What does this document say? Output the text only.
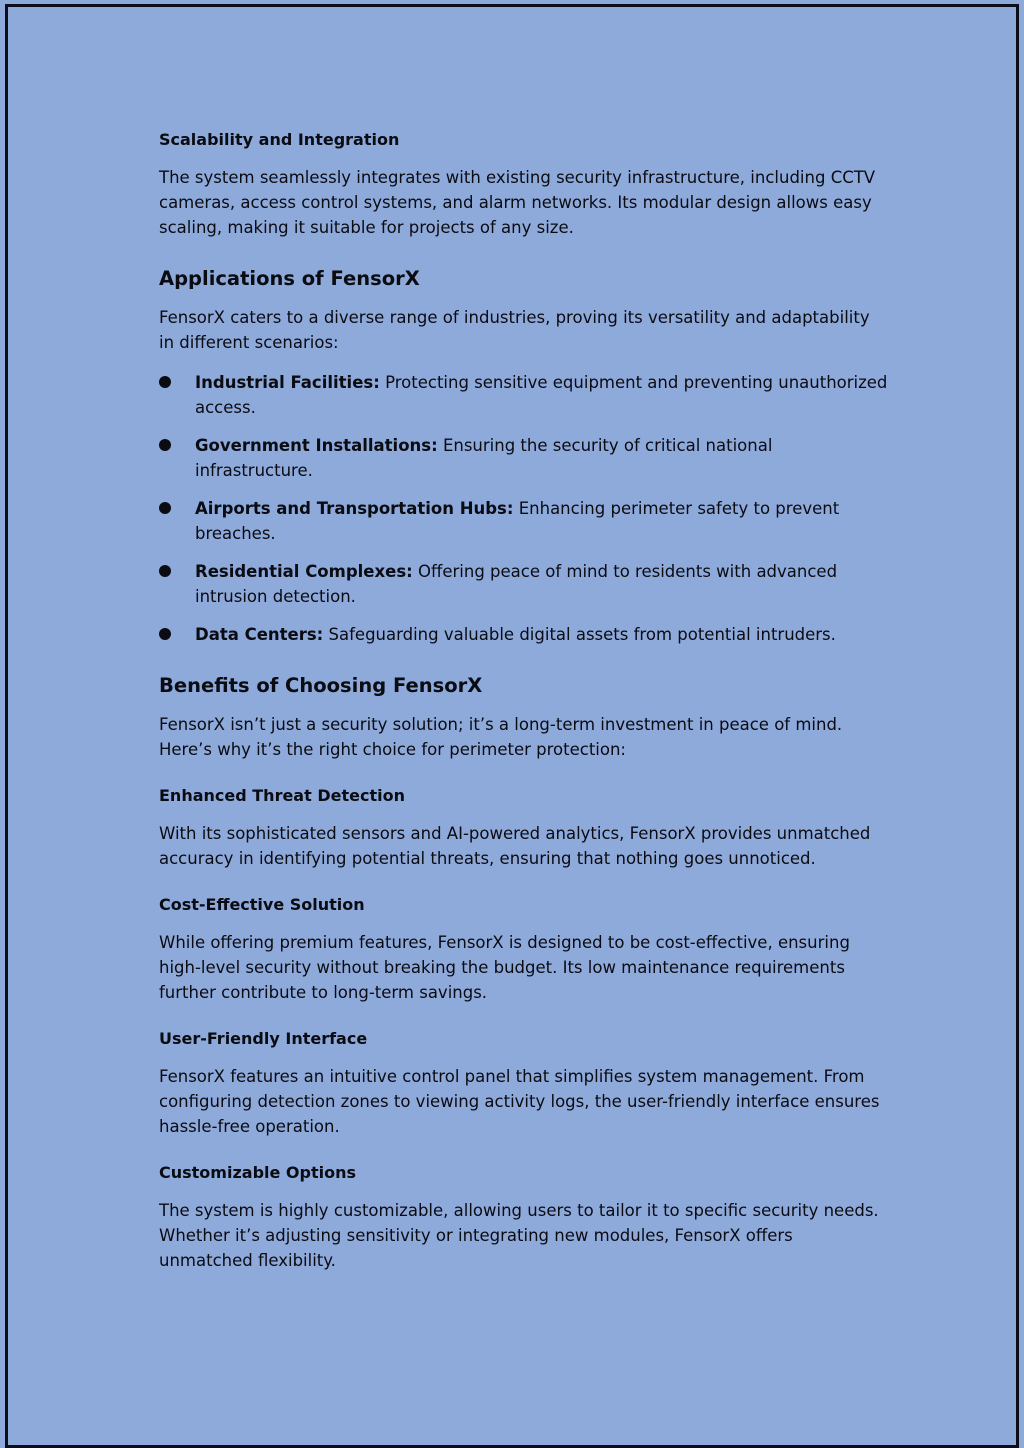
Scalability and Integration
The system seamlessly integrates with existing security infrastructure, including CCTV cameras, access control systems, and alarm networks. Its modular design allows easy scaling, making it suitable for projects of any size.
Applications of FensorX
FensorX caters to a diverse range of industries, proving its versatility and adaptability in different scenarios:
Industrial Facilities: Protecting sensitive equipment and preventing unauthorized access.
Government Installations: Ensuring the security of critical national infrastructure.
Airports and Transportation Hubs: Enhancing perimeter safety to prevent breaches.
Residential Complexes: Offering peace of mind to residents with advanced intrusion detection.
Data Centers: Safeguarding valuable digital assets from potential intruders.
Benefits of Choosing FensorX
FensorX isn’t just a security solution; it’s a long-term investment in peace of mind. Here’s why it’s the right choice for perimeter protection:
Enhanced Threat Detection
With its sophisticated sensors and AI-powered analytics, FensorX provides unmatched accuracy in identifying potential threats, ensuring that nothing goes unnoticed.
Cost-Effective Solution
While offering premium features, FensorX is designed to be cost-effective, ensuring high-level security without breaking the budget. Its low maintenance requirements further contribute to long-term savings.
User-Friendly Interface
FensorX features an intuitive control panel that simplifies system management. From configuring detection zones to viewing activity logs, the user-friendly interface ensures hassle-free operation.
Customizable Options
The system is highly customizable, allowing users to tailor it to specific security needs. Whether it’s adjusting sensitivity or integrating new modules, FensorX offers unmatched flexibility.
